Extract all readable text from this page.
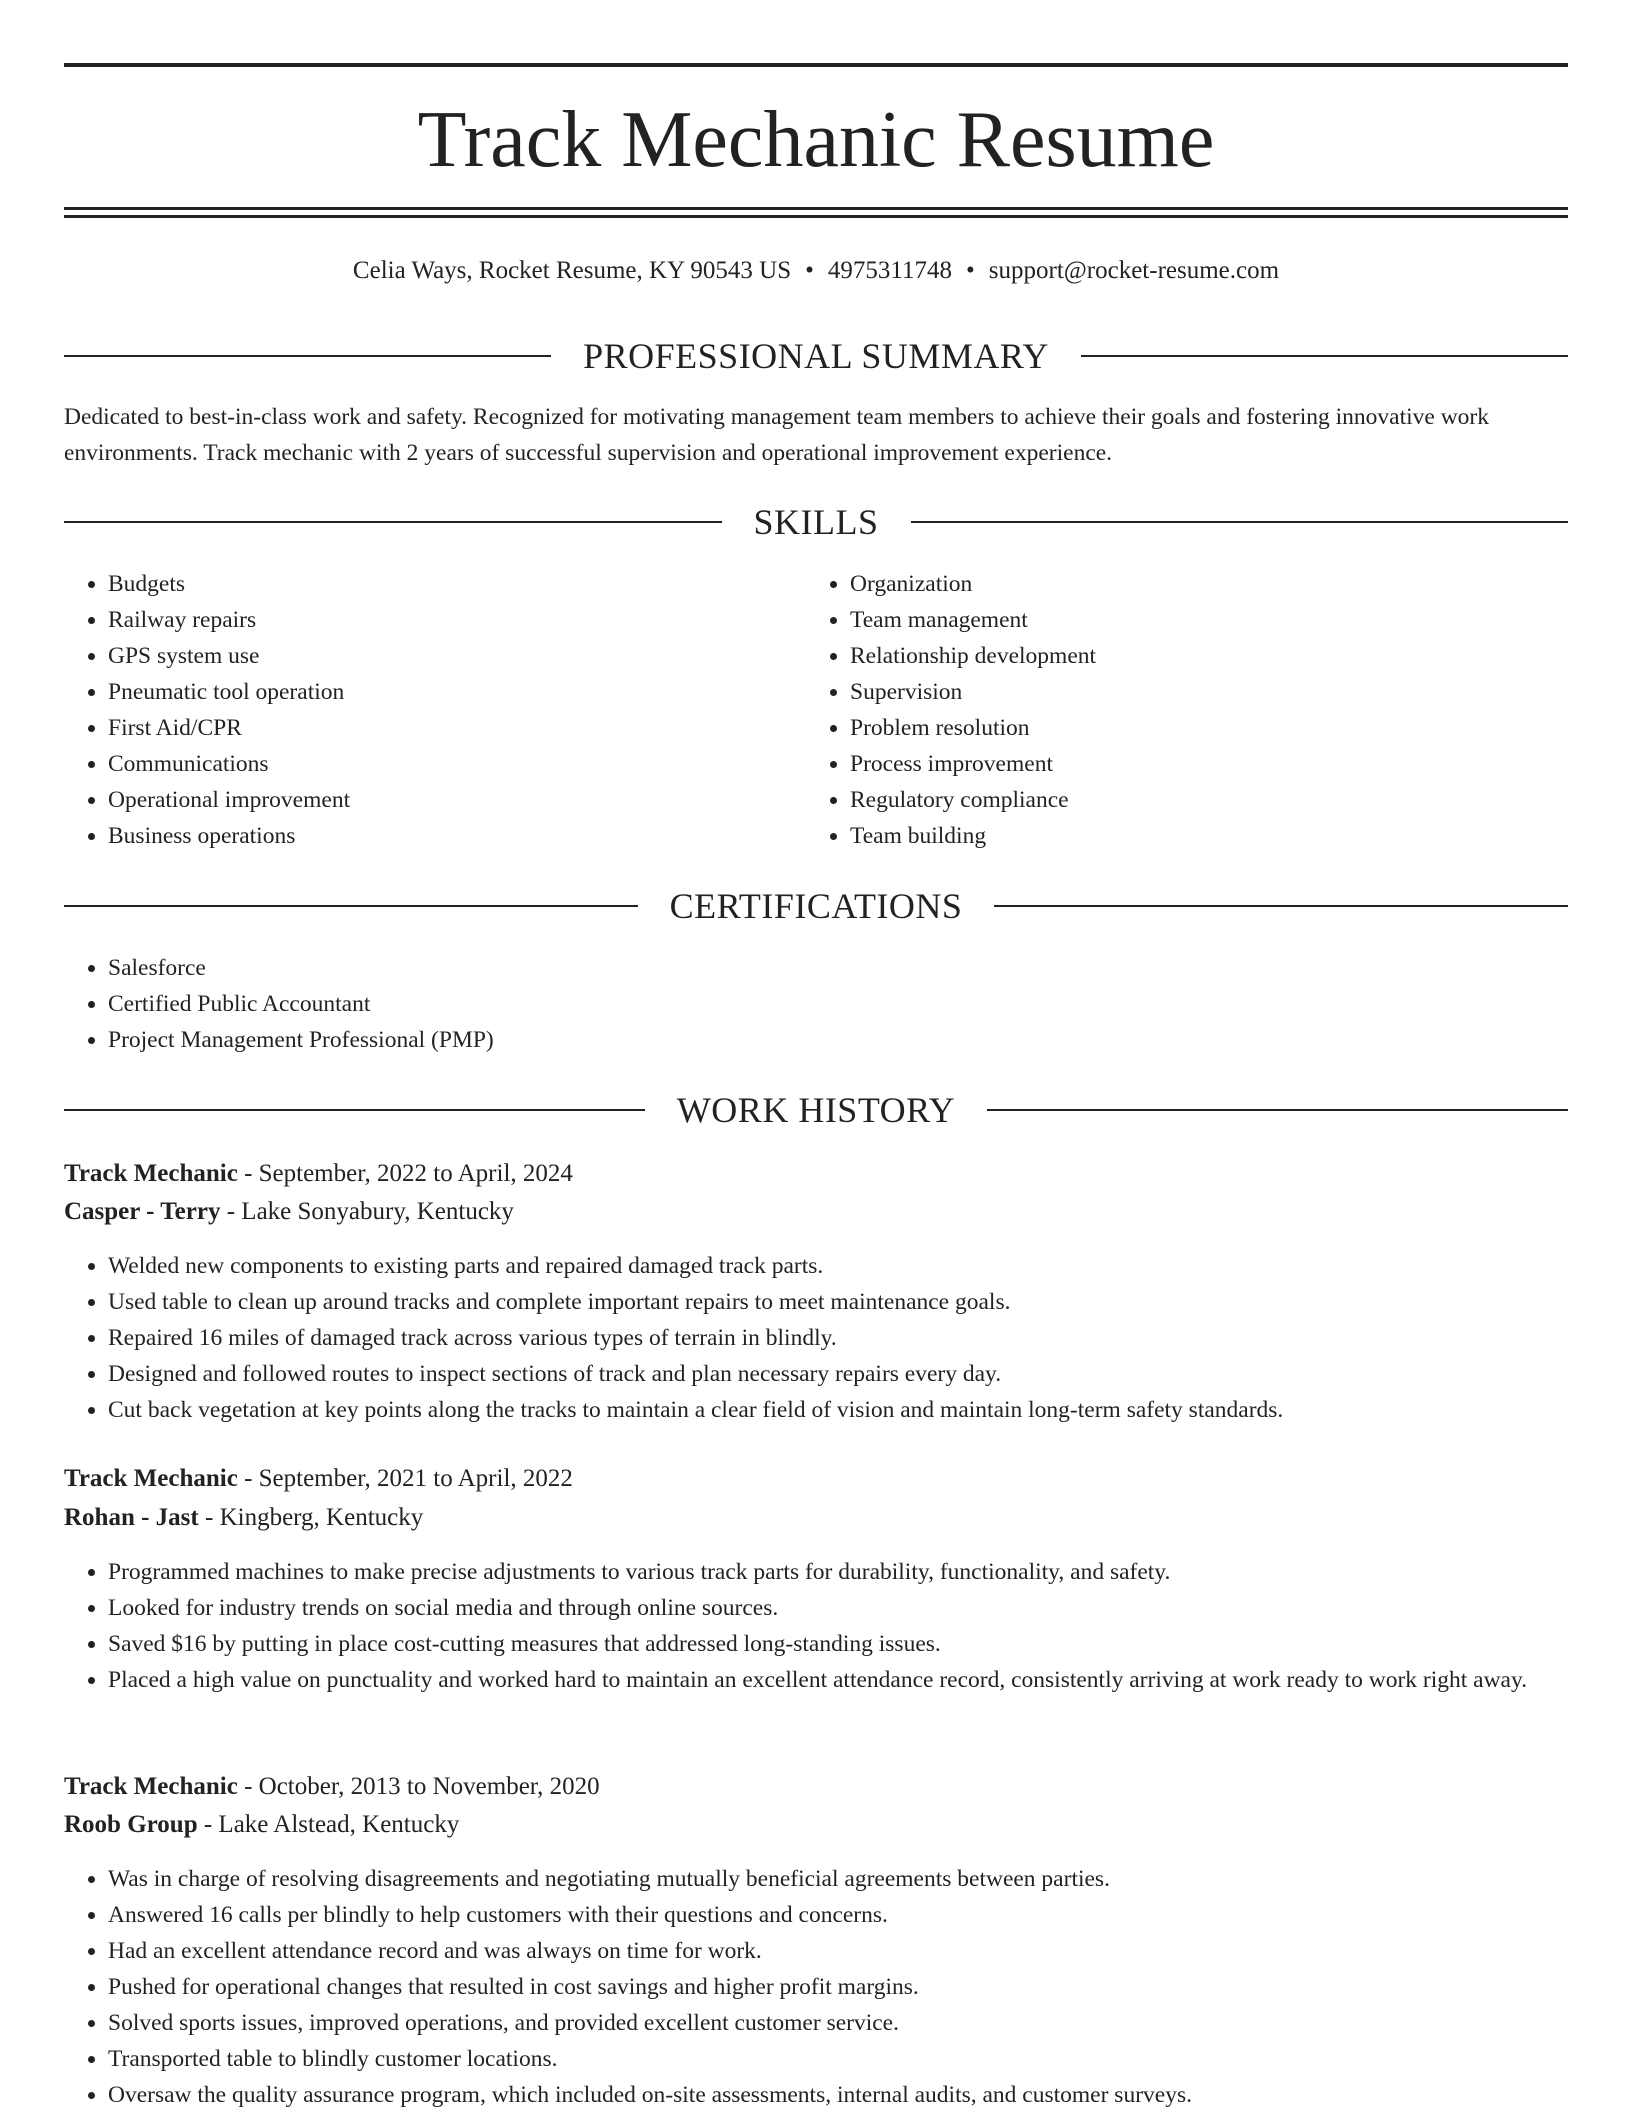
Track Mechanic Resume
Celia Ways, Rocket Resume, KY 90543 US • 4975311748 • support@rocket-resume.com
PROFESSIONAL SUMMARY

Dedicated to best-in-class work and safety. Recognized for motivating management team members to achieve their goals and fostering innovative work environments. Track mechanic with 2 years of successful supervision and operational improvement experience.

SKILLS
• Budgets
• Railway repairs
• GPS system use
• Pneumatic tool operation
• First Aid/CPR
• Communications
• Operational improvement
• Business operations
• Organization
• Team management
• Relationship development
• Supervision
• Problem resolution
• Process improvement
• Regulatory compliance
• Team building
CERTIFICATIONS
• Salesforce
• Certified Public Accountant
• Project Management Professional (PMP)
WORK HISTORY
Track Mechanic - September, 2022 to April, 2024
Casper - Terry - Lake Sonyabury, Kentucky
• Welded new components to existing parts and repaired damaged track parts.
• Used table to clean up around tracks and complete important repairs to meet maintenance goals.
• Repaired 16 miles of damaged track across various types of terrain in blindly.
• Designed and followed routes to inspect sections of track and plan necessary repairs every day.
• Cut back vegetation at key points along the tracks to maintain a clear field of vision and maintain long-term safety standards.
Track Mechanic - September, 2021 to April, 2022
Rohan - Jast - Kingberg, Kentucky
• Programmed machines to make precise adjustments to various track parts for durability, functionality, and safety.
• Looked for industry trends on social media and through online sources.
• Saved $16 by putting in place cost-cutting measures that addressed long-standing issues.
• Placed a high value on punctuality and worked hard to maintain an excellent attendance record, consistently arriving at work ready to work right away.
Track Mechanic - October, 2013 to November, 2020
Roob Group - Lake Alstead, Kentucky
• Was in charge of resolving disagreements and negotiating mutually beneficial agreements between parties.
• Answered 16 calls per blindly to help customers with their questions and concerns.
• Had an excellent attendance record and was always on time for work.
• Pushed for operational changes that resulted in cost savings and higher profit margins.
• Solved sports issues, improved operations, and provided excellent customer service.
• Transported table to blindly customer locations.
• Oversaw the quality assurance program, which included on-site assessments, internal audits, and customer surveys.
